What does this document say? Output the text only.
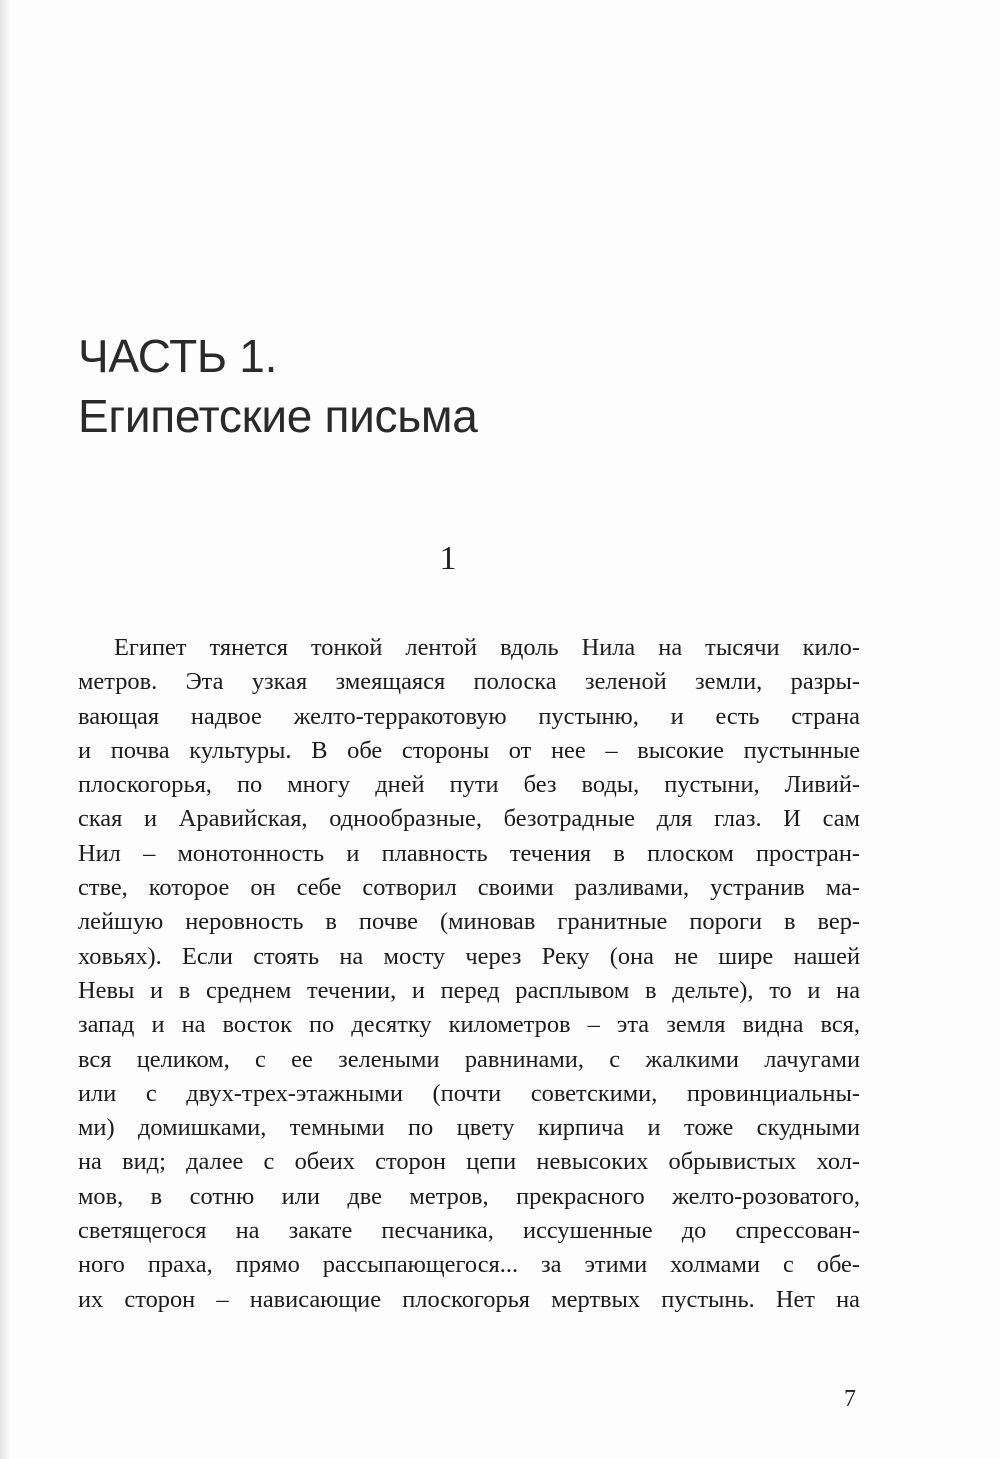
ЧАСТЬ 1.
Египетские письма
1

Египет тянется тонкой лентой вдоль Нила на тысячи кило-
метров. Эта узкая змеящаяся полоска зеленой земли, разры-
вающая надвое желто-терракотовую пустыню, и есть страна
и почва культуры. В обе стороны от нее – высокие пустынные
плоскогорья, по многу дней пути без воды, пустыни, Ливий-
ская и Аравийская, однообразные, безотрадные для глаз. И сам
Нил – монотонность и плавность течения в плоском простран-
стве, которое он себе сотворил своими разливами, устранив ма-
лейшую неровность в почве (миновав гранитные пороги в вер-
ховьях). Если стоять на мосту через Реку (она не шире нашей
Невы и в среднем течении, и перед расплывом в дельте), то и на
запад и на восток по десятку километров – эта земля видна вся,
вся целиком, с ее зелеными равнинами, с жалкими лачугами
или с двух-трех-этажными (почти советскими, провинциальны-
ми) домишками, темными по цвету кирпича и тоже скудными
на вид; далее с обеих сторон цепи невысоких обрывистых хол-
мов, в сотню или две метров, прекрасного желто-розоватого,
светящегося на закате песчаника, иссушенные до спрессован-
ного праха, прямо рассыпающегося... за этими холмами с обе-
их сторон – нависающие плоскогорья мертвых пустынь. Нет на

7
